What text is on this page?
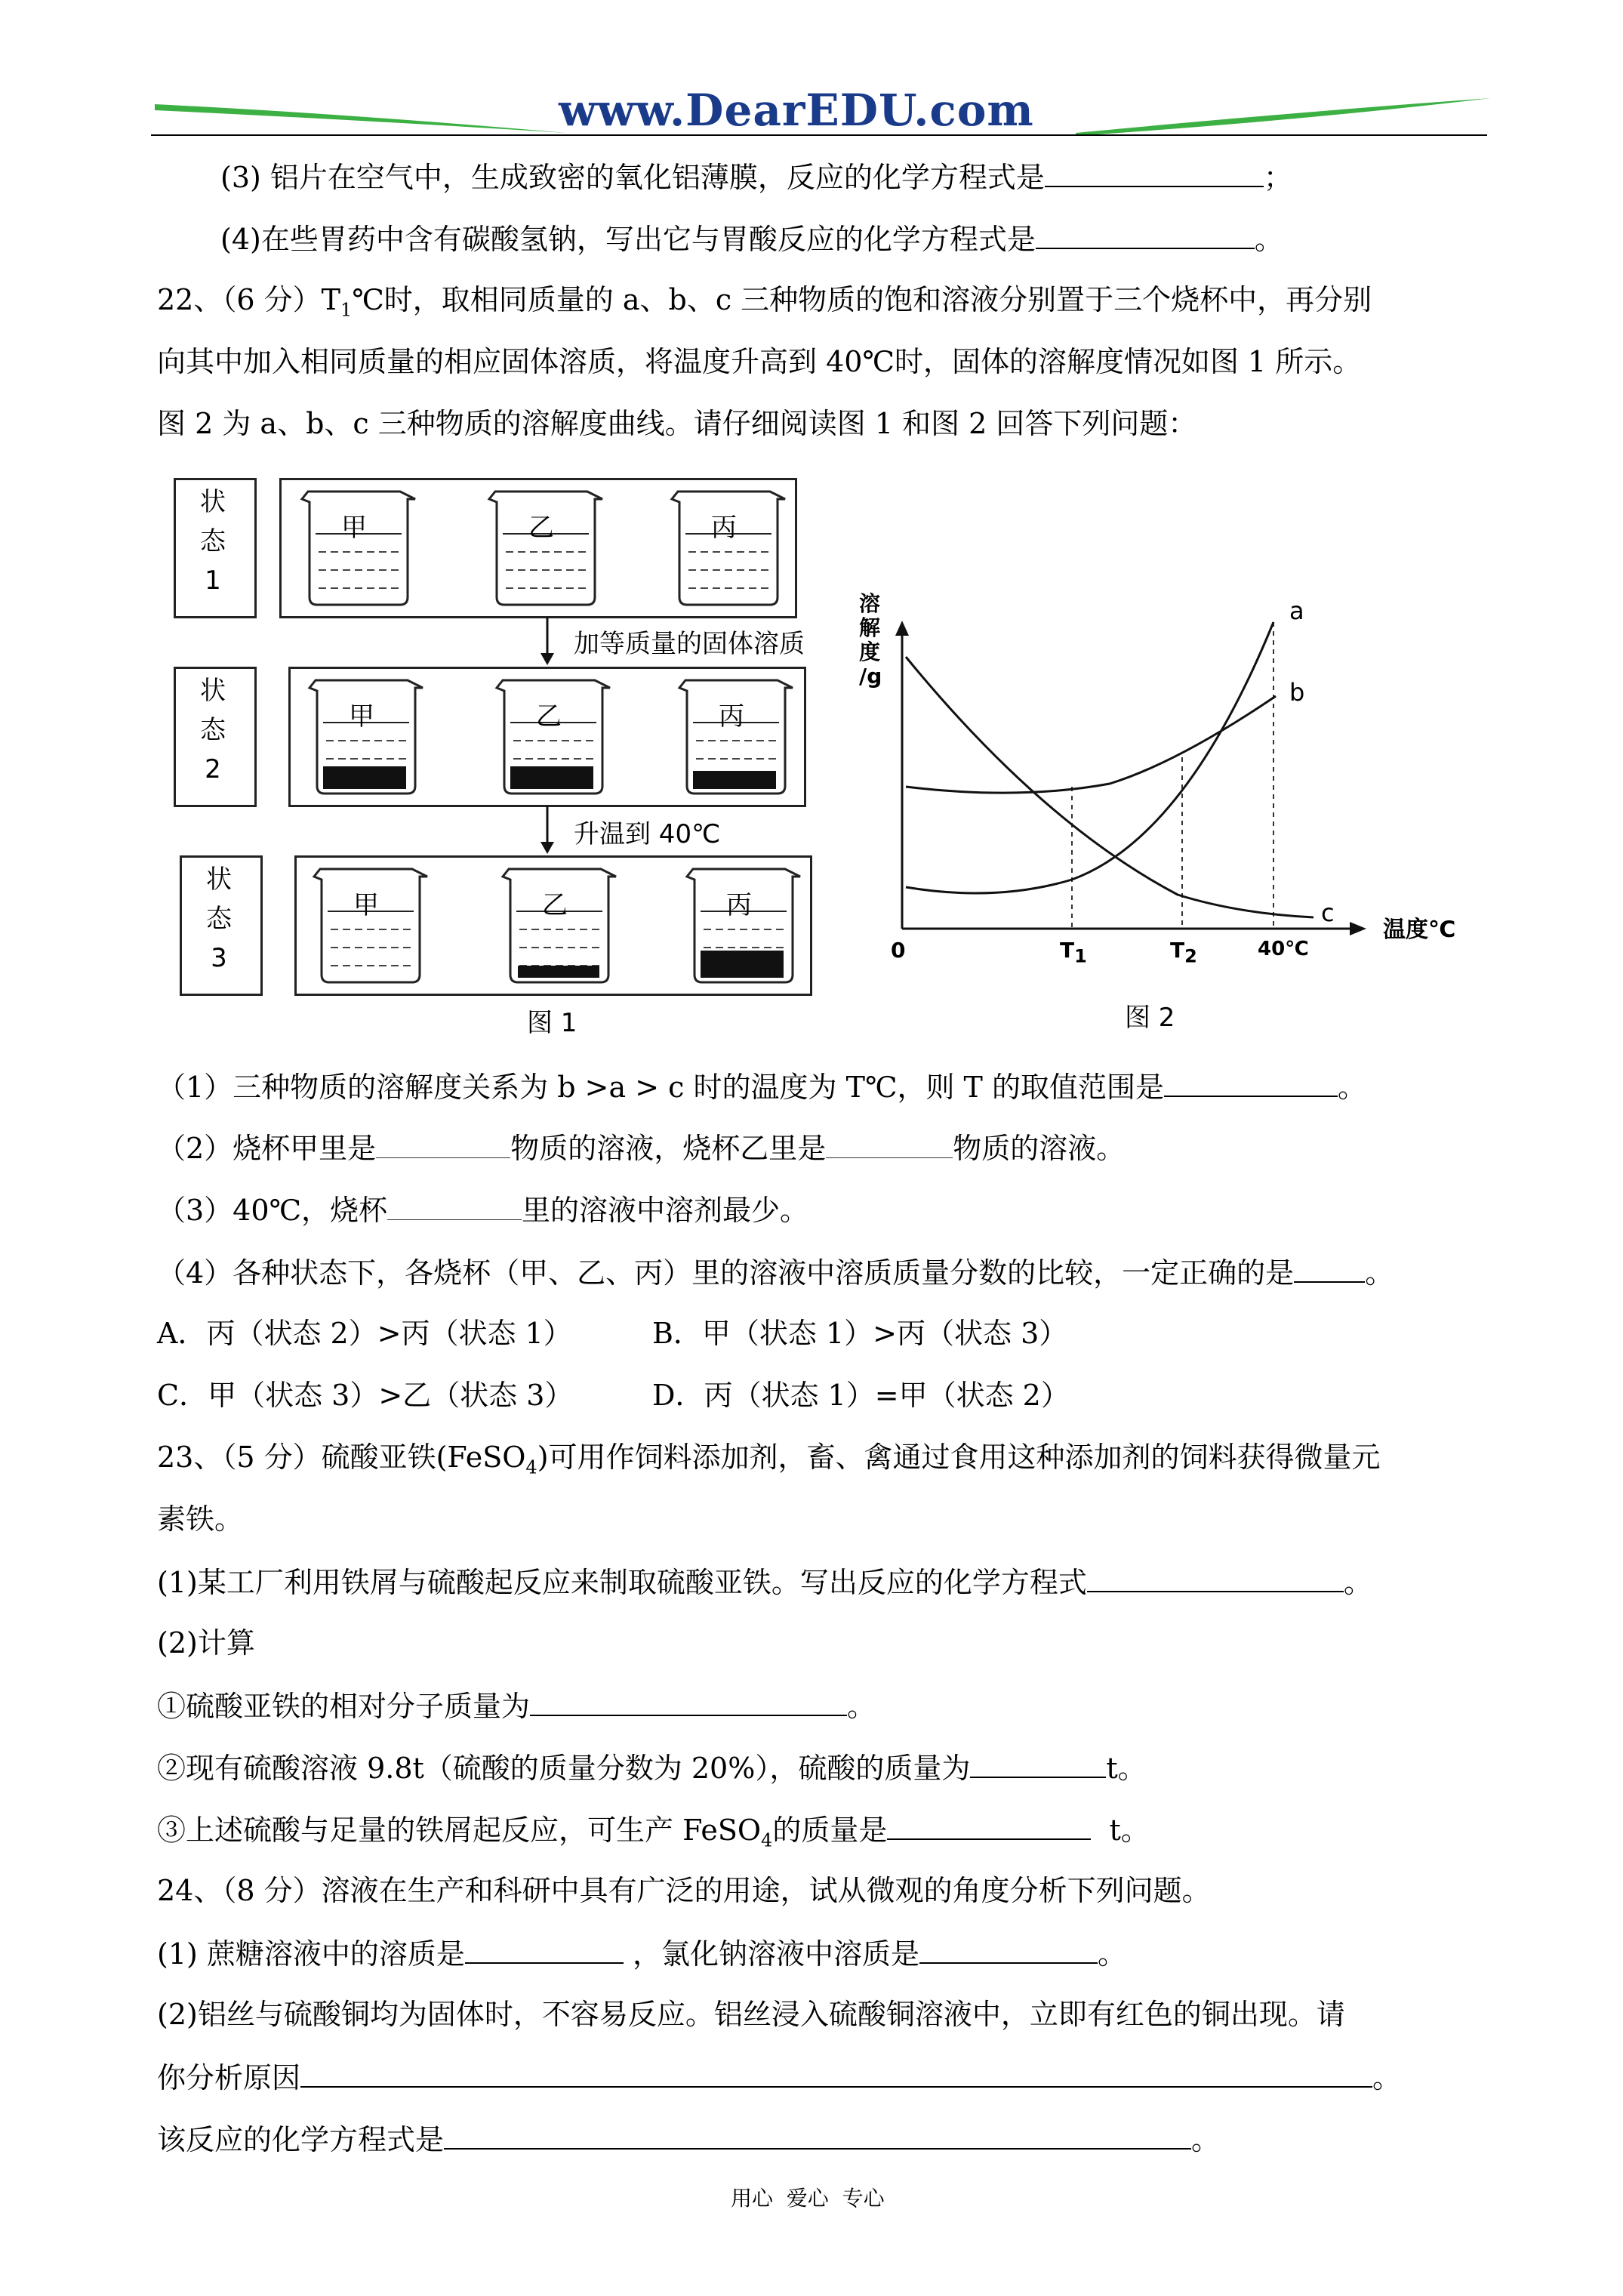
www.DearEDU.com
(3) 铝片在空气中，生成致密的氧化铝薄膜，反应的化学方程式是	；
(4)在些胃药中含有碳酸氢钠，写出它与胃酸反应的化学方程式是	。
22、（6 分）$T_1℃$时，取相同质量的 a、b、c 三种物质的饱和溶液分别置于三个烧杯中，再分别
向其中加入相同质量的相应固体溶质，将温度升高到 40℃时，固体的溶解度情况如图 1 所示。
图 2 为 a、b、c 三种物质的溶解度曲线。请仔细阅读图 1 和图 2 回答下列问题：
状
态
1
状
态
2
状
态
3
甲	乙	丙
甲	乙	丙
甲	乙	丙
加等质量的固体溶质
升温到 40℃
图 1
溶
解
度
/g
a
b
c
温度℃
0	$T_1$	$T_2$	40℃
图 2
（1）三种物质的溶解度关系为 b >a > c 时的温度为 T℃，则 T 的取值范围是	。
（2）烧杯甲里是	物质的溶液，烧杯乙里是	物质的溶液。
（3）40℃，烧杯	里的溶液中溶剂最少。
（4）各种状态下，各烧杯（甲、乙、丙）里的溶液中溶质质量分数的比较，一定正确的是 。
A．丙（状态 2）>丙（状态 1）	B．甲（状态 1）>丙（状态 3）
C．甲（状态 3）>乙（状态 3）	D．丙（状态 1）=甲（状态 2）
23、（5 分）硫酸亚铁(FeSO$_4$)可用作饲料添加剂，畜、禽通过食用这种添加剂的饲料获得微量元
素铁。
(1)某工厂利用铁屑与硫酸起反应来制取硫酸亚铁。写出反应的化学方程式	。
(2)计算
①硫酸亚铁的相对分子质量为	。
②现有硫酸溶液 9.8t（硫酸的质量分数为 20%），硫酸的质量为	t。
③上述硫酸与足量的铁屑起反应，可生产 FeSO$_4$的质量是	t。
24、（8 分）溶液在生产和科研中具有广泛的用途，试从微观的角度分析下列问题。
(1) 蔗糖溶液中的溶质是	，氯化钠溶液中溶质是	。
(2)铝丝与硫酸铜均为固体时，不容易反应。铝丝浸入硫酸铜溶液中，立即有红色的铜出现。请
你分析原因	。
该反应的化学方程式是	。
用心  爱心  专心
